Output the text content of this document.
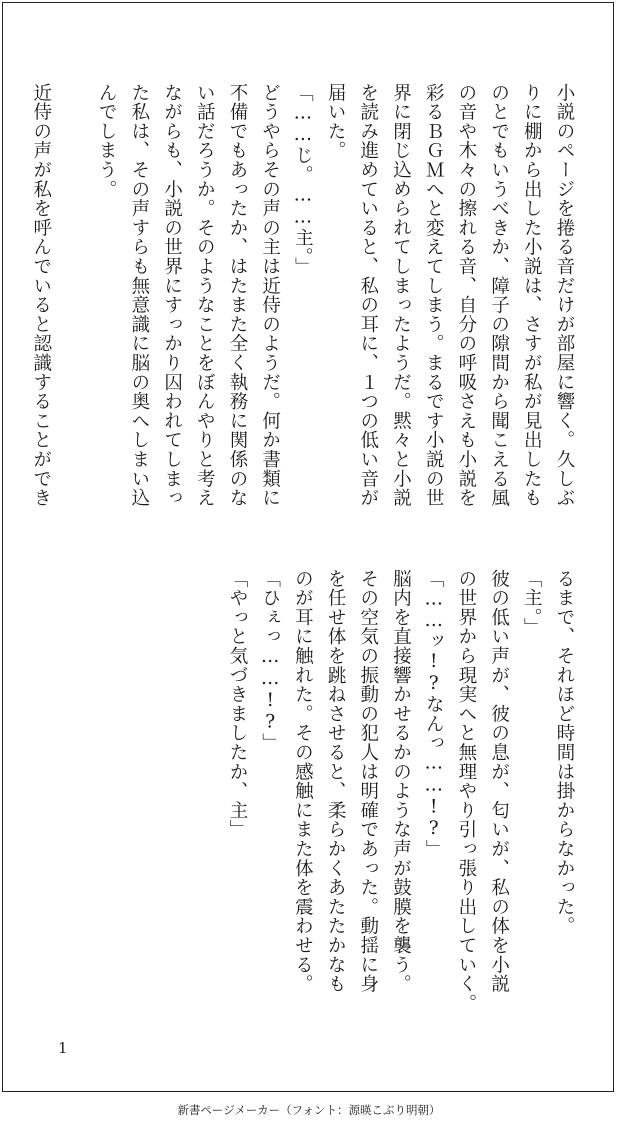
小説のページを捲る音だけが部屋に響く。久しぶ
りに棚から出した小説は、さすが私が見出したも
のとでもいうべきか、障子の隙間から聞こえる風
の音や木々の擦れる音、自分の呼吸さえも小説を
彩るＢＧＭへと変えてしまう。まるです小説の世
界に閉じ込められてしまったようだ。黙々と小説
を読み進めていると、私の耳に、１つの低い音が
届いた。
「……じ。……主。」
どうやらその声の主は近侍のようだ。何か書類に
不備でもあったか、はたまた全く執務に関係のな
い話だろうか。そのようなことをぼんやりと考え
ながらも、小説の世界にすっかり囚われてしまっ
た私は、その声すらも無意識に脳の奥へしまい込
んでしまう。
近侍の声が私を呼んでいると認識することができ
るまで、それほど時間は掛からなかった。
「主。」
彼の低い声が、彼の息が、匂いが、私の体を小説
の世界から現実へと無理やり引っ張り出していく。
「……ッ!?なんっ……!?」
脳内を直接響かせるかのような声が鼓膜を襲う。
その空気の振動の犯人は明確であった。動揺に身
を任せ体を跳ねさせると、柔らかくあたたかなも
のが耳に触れた。その感触にまた体を震わせる。
「ひぇっ……!?」
「やっと気づきましたか、主」
1
新書ページメーカー（フォント：源暎こぶり明朝）
